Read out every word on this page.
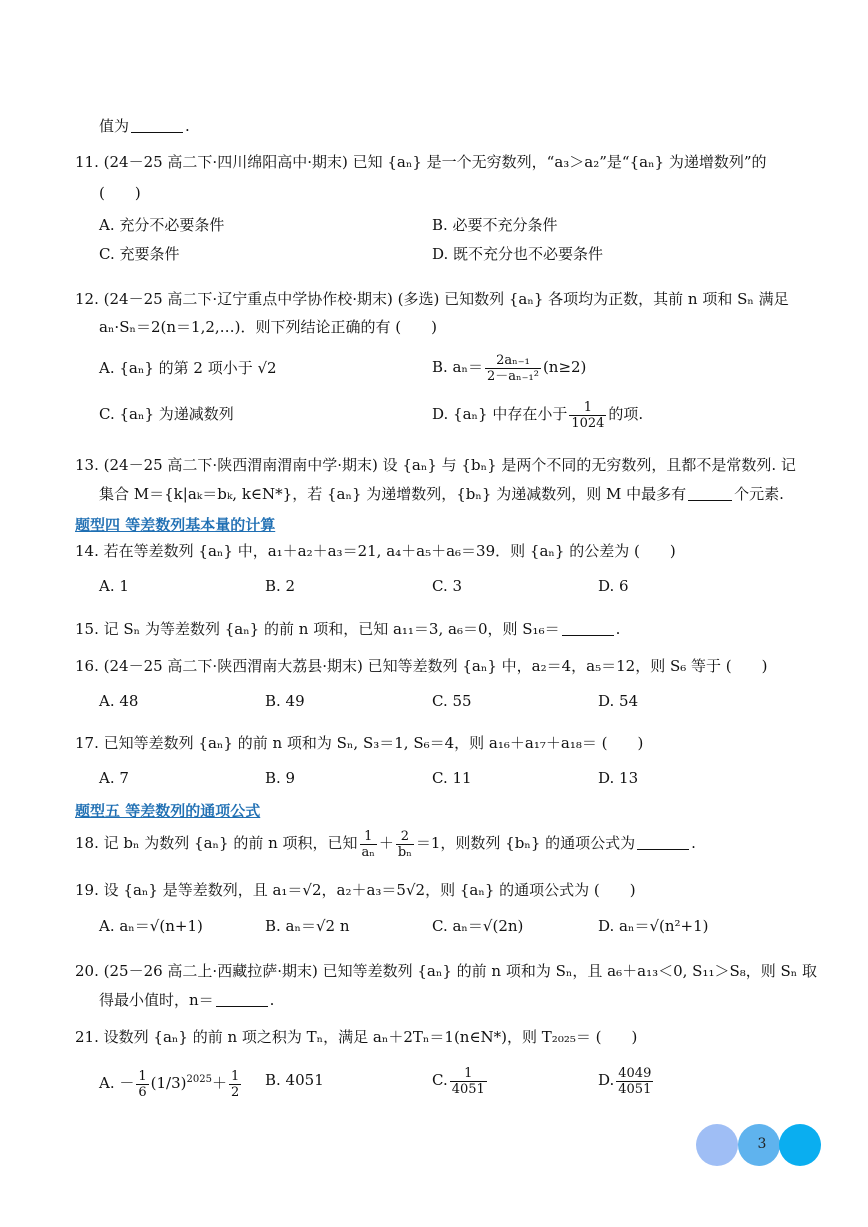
值为	.
11. (24－25 高二下·四川绵阳高中·期末) 已知 {aₙ} 是一个无穷数列，“a₃＞a₂”是“{aₙ} 为递增数列”的
(　　)
A. 充分不必要条件	B. 必要不充分条件
C. 充要条件	D. 既不充分也不必要条件
12. (24－25 高二下·辽宁重点中学协作校·期末) (多选) 已知数列 {aₙ} 各项均为正数，其前 n 项和 Sₙ 满足
aₙ·Sₙ＝2(n＝1,2,…)．则下列结论正确的有 (　　)
A. {aₙ} 的第 2 项小于 √2	B. $a_n= \frac{\text{2aₙ₋₁}}{\text{2－aₙ₋₁²}} (n\ge 2)$
C. {aₙ} 为递减数列	D. {aₙ} 中存在小于 $\frac{1}{1024}$ 的项.
13. (24－25 高二下·陕西渭南渭南中学·期末) 设 {aₙ} 与 {bₙ} 是两个不同的无穷数列，且都不是常数列. 记
集合 M＝{k|aₖ＝bₖ, k∈N*}，若 {aₙ} 为递增数列，{bₙ} 为递减数列，则 M 中最多有	个元素.
题型四 等差数列基本量的计算
14. 若在等差数列 {aₙ} 中，a₁＋a₂＋a₃＝21, a₄＋a₅＋a₆＝39．则 {aₙ} 的公差为 (　　)
A. 1	B. 2	C. 3	D. 6
15. 记 Sₙ 为等差数列 {aₙ} 的前 n 项和，已知 a₁₁＝3, a₆＝0，则 S₁₆＝	.
16. (24－25 高二下·陕西渭南大荔县·期末) 已知等差数列 {aₙ} 中，a₂＝4，a₅＝12，则 S₆ 等于 (　　)
A. 48	B. 49	C. 55	D. 54
17. 已知等差数列 {aₙ} 的前 n 项和为 Sₙ, S₃＝1, S₆＝4，则 a₁₆＋a₁₇＋a₁₈＝ (　　)
A. 7	B. 9	C. 11	D. 13
题型五 等差数列的通项公式
18. 记 bₙ 为数列 {aₙ} 的前 n 项积，已知 $\frac{1}{\text{aₙ}} + \frac{2}{\text{bₙ}} =1$，则数列 {bₙ} 的通项公式为	.
19. 设 {aₙ} 是等差数列，且 a₁＝√2，a₂＋a₃＝5√2，则 {aₙ} 的通项公式为 (　　)
A. aₙ＝√(n+1)	B. aₙ＝√2 n	C. aₙ＝√(2n)	D. aₙ＝√(n²+1)
20. (25－26 高二上·西藏拉萨·期末) 已知等差数列 {aₙ} 的前 n 项和为 Sₙ，且 a₆＋a₁₃＜0, S₁₁＞S₈，则 Sₙ 取
得最小值时，n＝	.
21. 设数列 {aₙ} 的前 n 项之积为 Tₙ，满足 aₙ＋2Tₙ＝1(n∈N*)，则 T₂₀₂₅＝ (　　)
A. － $\frac{1}{6} (1/3)^{2025}+ \frac{1}{2} B$. 4051	C. $\frac{1}{4051}$	D. $\frac{4049}{4051}$
3
